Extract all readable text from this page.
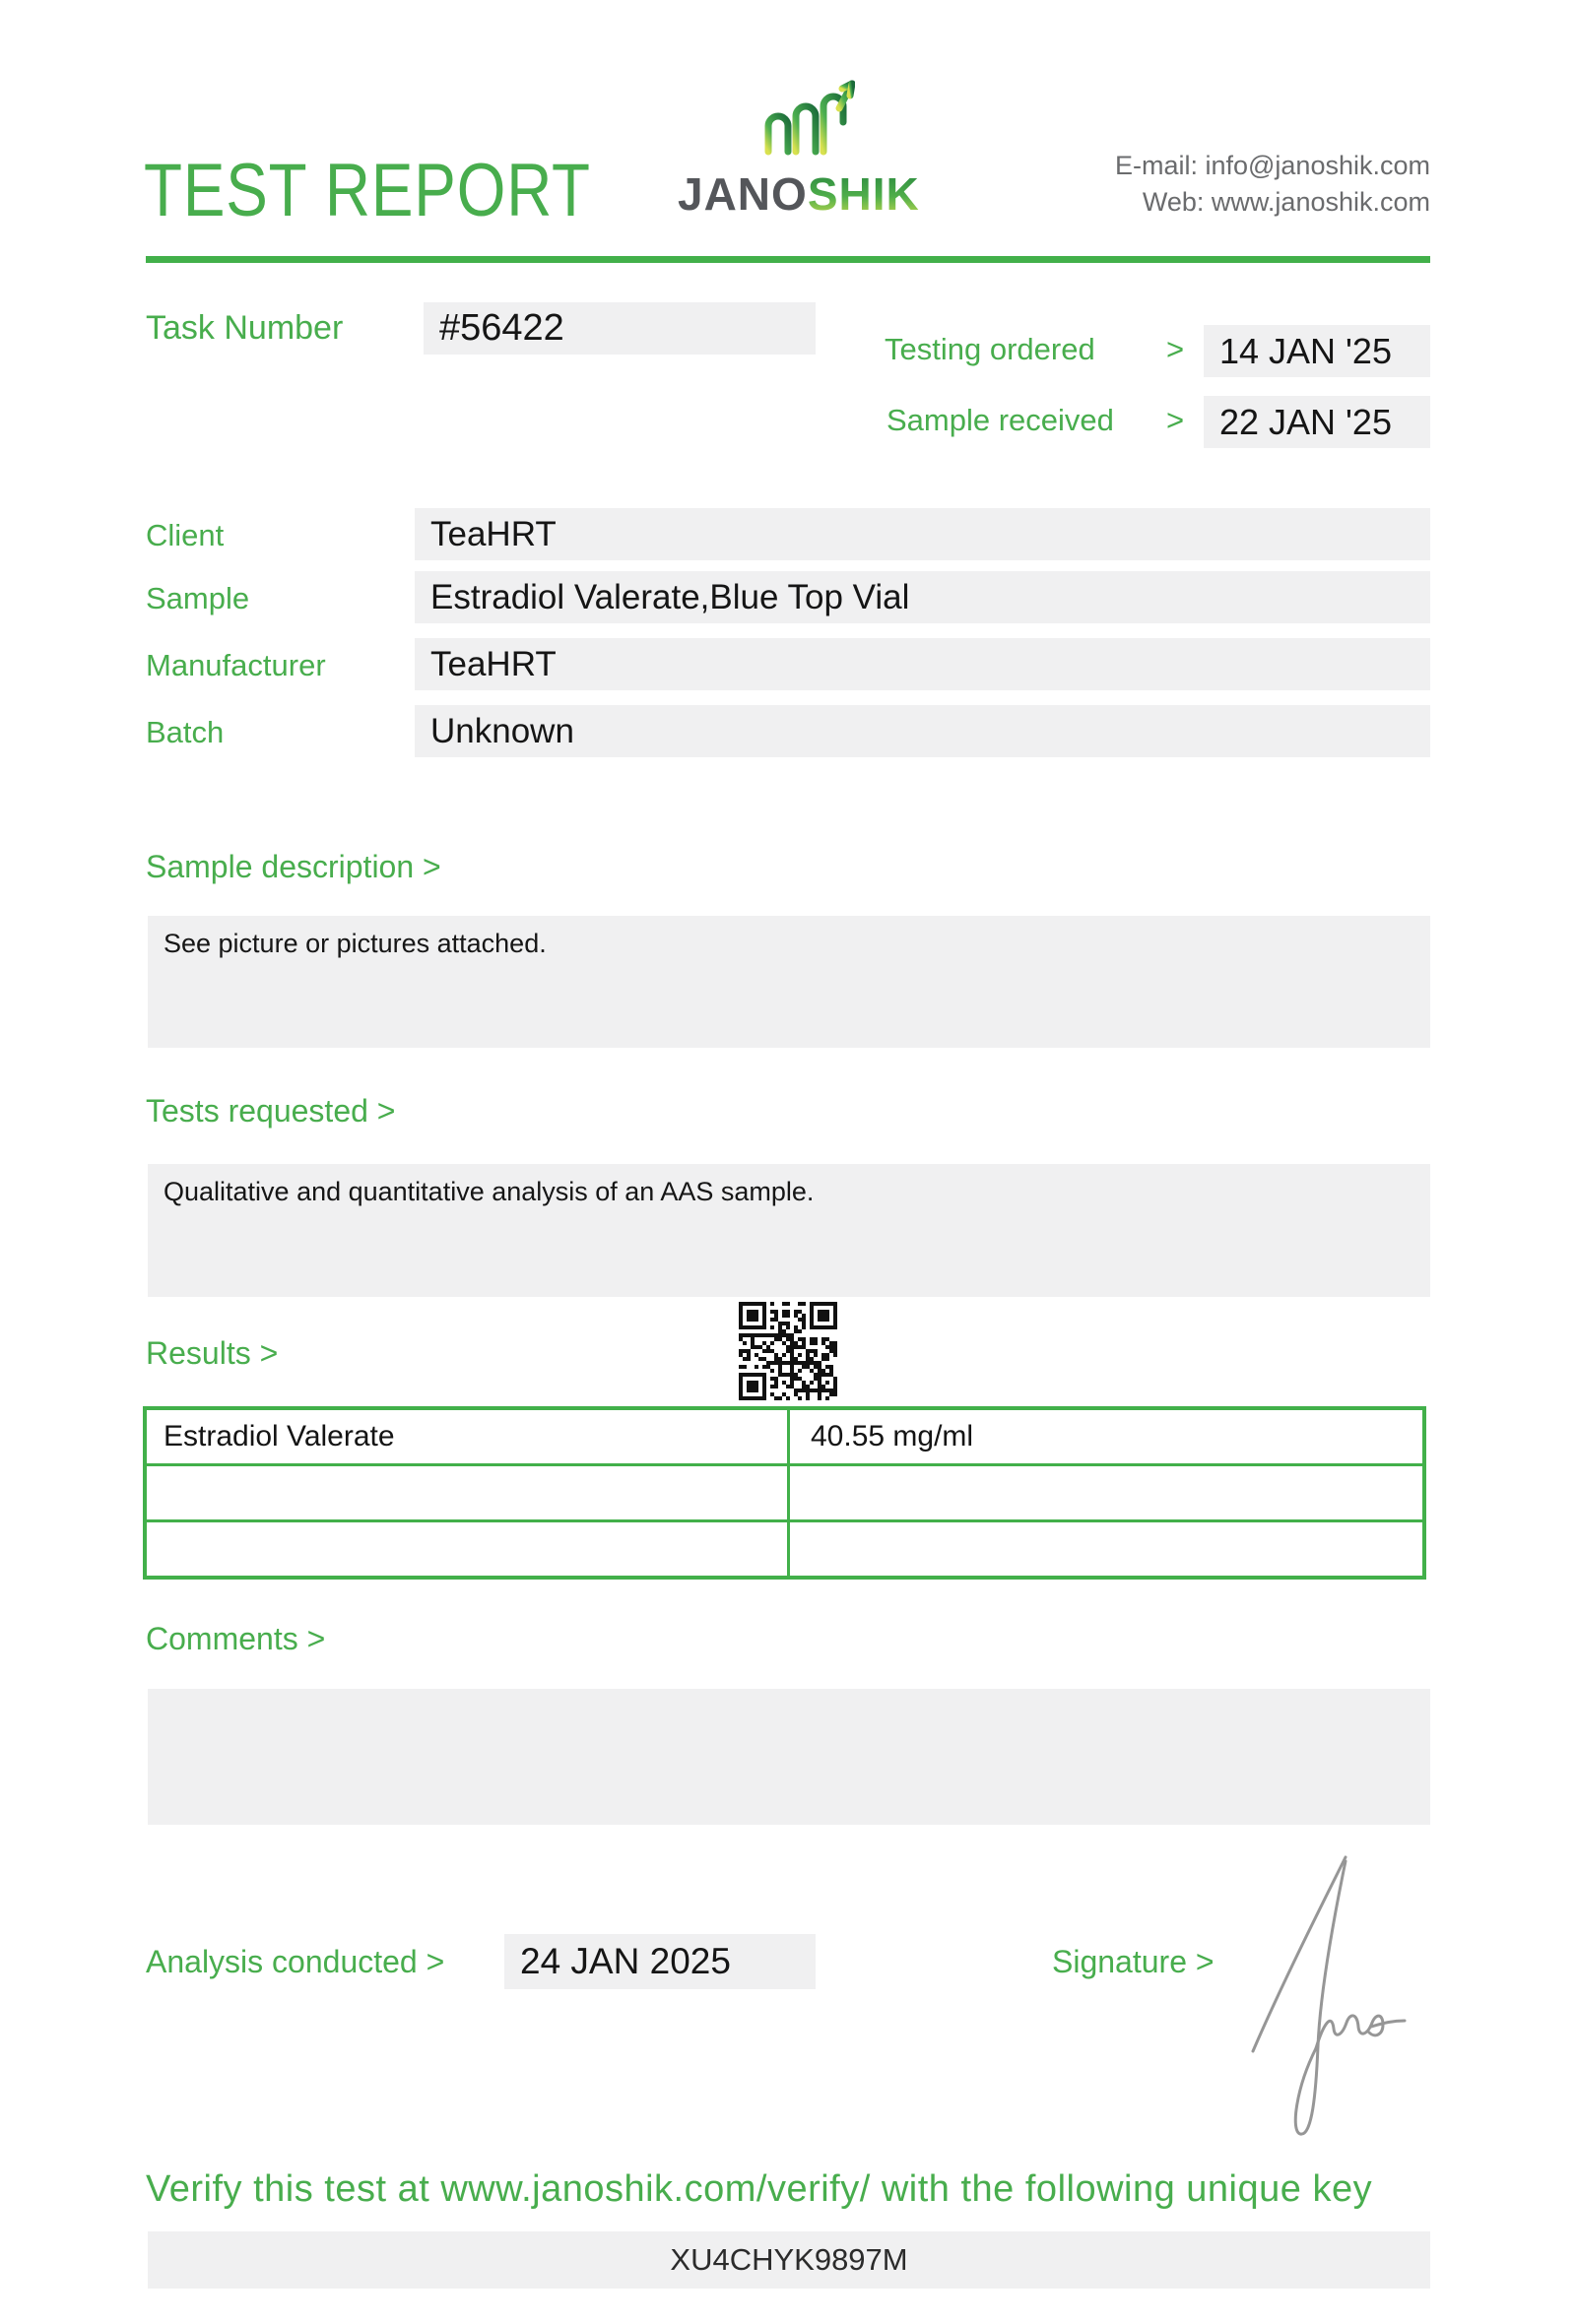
TEST REPORT JANOSHIK
E-mail: info@janoshik.com
Web: www.janoshik.com
Task Number	#56422
Testing ordered > 14 JAN '25
Sample received > 22 JAN '25
Client	TeaHRT
Sample	Estradiol Valerate,Blue Top Vial
Manufacturer	TeaHRT
Batch	Unknown
Sample description >
See picture or pictures attached.
Tests requested >
Qualitative and quantitative analysis of an AAS sample.
Results >
Estradiol Valerate	40.55 mg/ml
Comments >
Analysis conducted > 24 JAN 2025	Signature >
Verify this test at www.janoshik.com/verify/ with the following unique key
XU4CHYK9897M
